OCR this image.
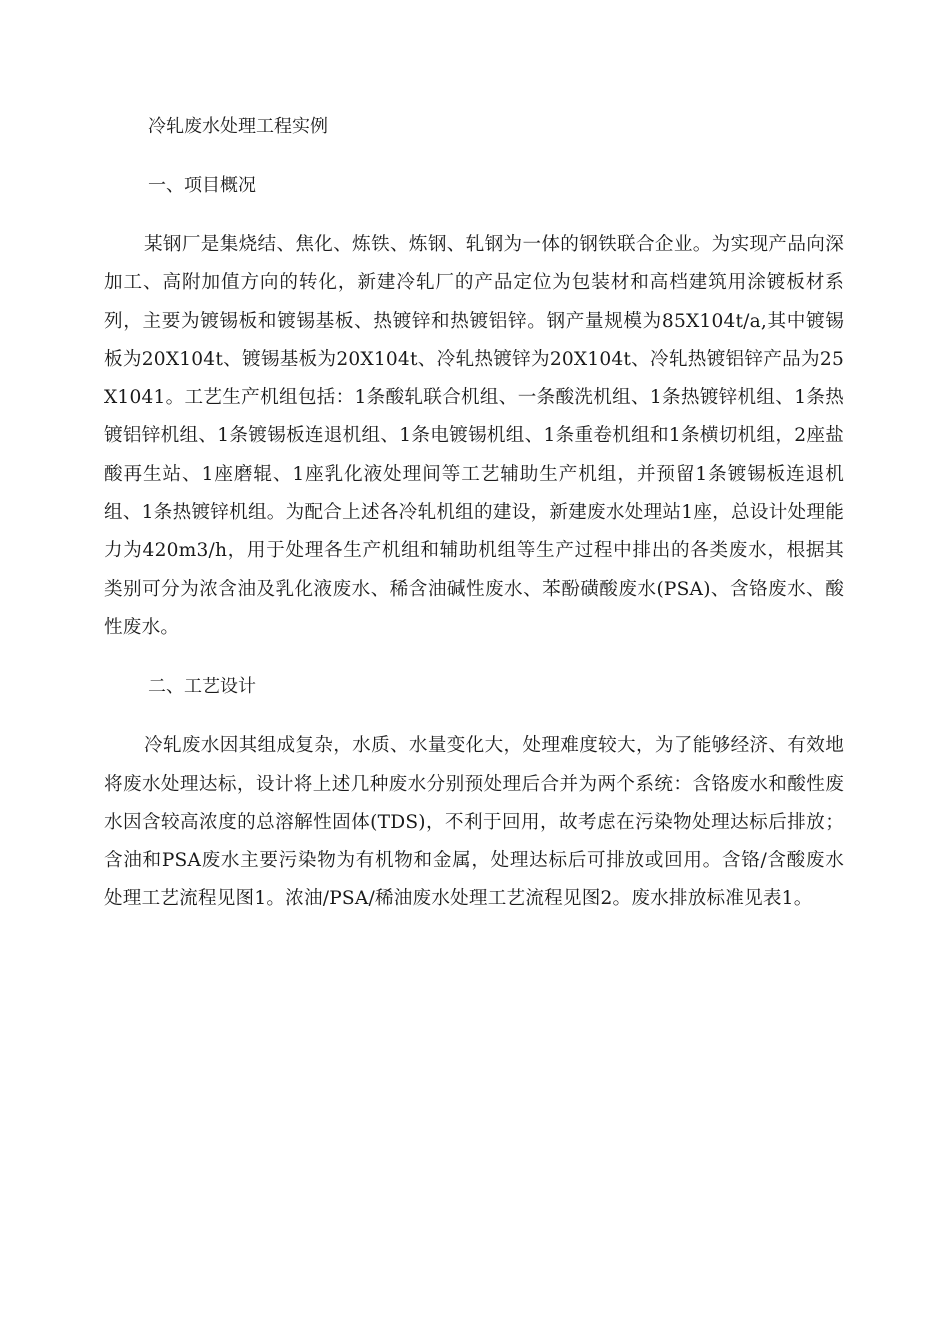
冷轧废水处理工程实例
一、项目概况

某钢厂是集烧结、焦化、炼铁、炼钢、轧钢为一体的钢铁联合企业。为实现产品向深加工、高附加值方向的转化，新建冷轧厂的产品定位为包装材和高档建筑用涂镀板材系列，主要为镀锡板和镀锡基板、热镀锌和热镀铝锌。钢产量规模为85X104t/a,其中镀锡板为20X104t、镀锡基板为20X104t、冷轧热镀锌为20X104t、冷轧热镀铝锌产品为25X1041。工艺生产机组包括：1条酸轧联合机组、一条酸洗机组、1条热镀锌机组、1条热镀铝锌机组、1条镀锡板连退机组、1条电镀锡机组、1条重卷机组和1条横切机组，2座盐酸再生站、1座磨辊、1座乳化液处理间等工艺辅助生产机组，并预留1条镀锡板连退机组、1条热镀锌机组。为配合上述各冷轧机组的建设，新建废水处理站1座，总设计处理能力为420m3/h，用于处理各生产机组和辅助机组等生产过程中排出的各类废水，根据其类别可分为浓含油及乳化液废水、稀含油碱性废水、苯酚磺酸废水(PSA)、含铬废水、酸性废水。

二、工艺设计

冷轧废水因其组成复杂，水质、水量变化大，处理难度较大，为了能够经济、有效地将废水处理达标，设计将上述几种废水分别预处理后合并为两个系统：含铬废水和酸性废水因含较高浓度的总溶解性固体(TDS)，不利于回用，故考虑在污染物处理达标后排放；含油和PSA废水主要污染物为有机物和金属，处理达标后可排放或回用。含铬/含酸废水处理工艺流程见图1。浓油/PSA/稀油废水处理工艺流程见图2。废水排放标准见表1。
